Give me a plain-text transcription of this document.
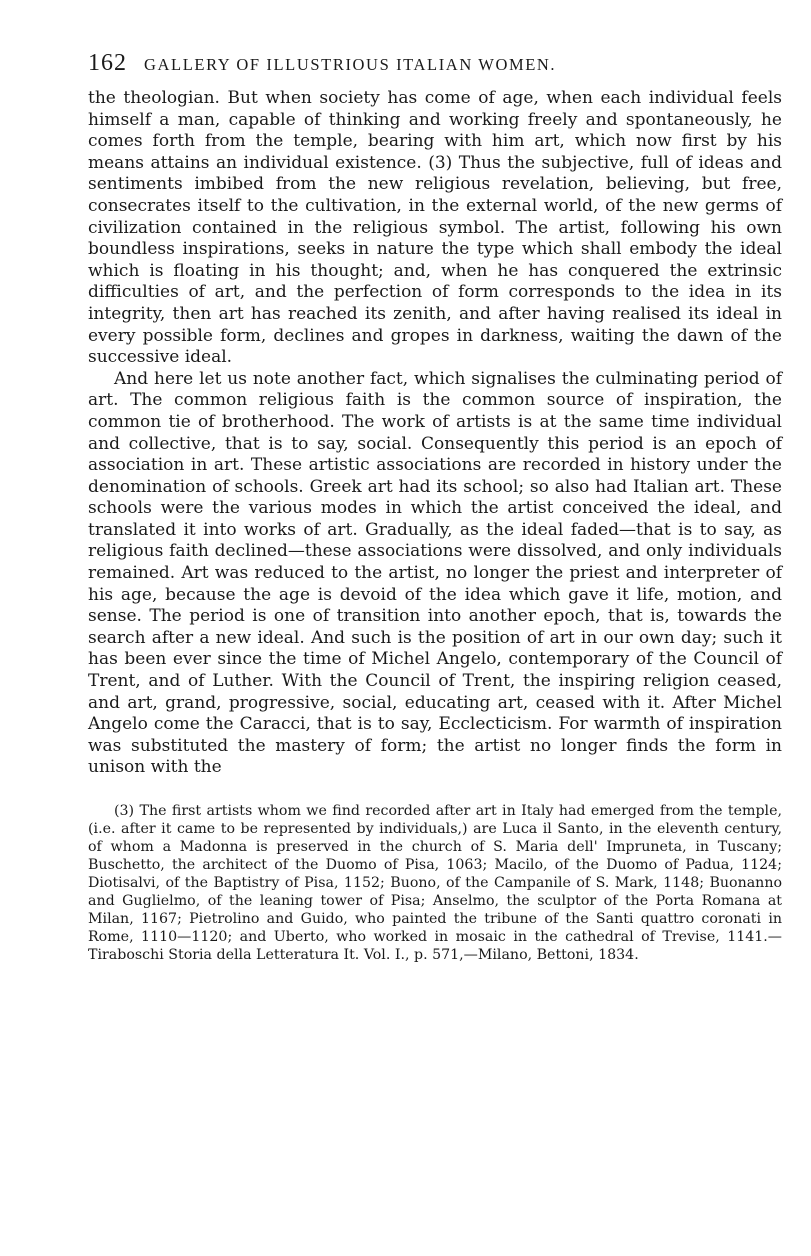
162	GALLERY OF ILLUSTRIOUS ITALIAN WOMEN.

the theologian. But when society has come of age, when each individual feels himself a man, capable of thinking and working freely and spontaneously, he comes forth from the temple, bearing with him art, which now first by his means attains an individual existence. (3) Thus the subjective, full of ideas and sentiments imbibed from the new religious revelation, believing, but free, consecrates itself to the cultivation, in the external world, of the new germs of civilization contained in the religious symbol. The artist, following his own boundless inspirations, seeks in nature the type which shall embody the ideal which is floating in his thought; and, when he has conquered the extrinsic difficulties of art, and the perfection of form corresponds to the idea in its integrity, then art has reached its zenith, and after having realised its ideal in every possible form, declines and gropes in darkness, waiting the dawn of the successive ideal.

And here let us note another fact, which signalises the culminating period of art. The common religious faith is the common source of inspiration, the common tie of brotherhood. The work of artists is at the same time individual and collective, that is to say, social. Consequently this period is an epoch of association in art. These artistic associations are recorded in history under the denomination of schools. Greek art had its school; so also had Italian art. These schools were the various modes in which the artist conceived the ideal, and translated it into works of art. Gradually, as the ideal faded—that is to say, as religious faith declined—these associations were dissolved, and only individuals remained. Art was reduced to the artist, no longer the priest and interpreter of his age, because the age is devoid of the idea which gave it life, motion, and sense. The period is one of transition into another epoch, that is, towards the search after a new ideal. And such is the position of art in our own day; such it has been ever since the time of Michel Angelo, contemporary of the Council of Trent, and of Luther. With the Council of Trent, the inspiring religion ceased, and art, grand, progressive, social, educating art, ceased with it. After Michel Angelo come the Caracci, that is to say, Ecclecticism. For warmth of inspiration was substituted the mastery of form; the artist no longer finds the form in unison with the

(3) The first artists whom we find recorded after art in Italy had emerged from the temple, (i.e. after it came to be represented by individuals,) are Luca il Santo, in the eleventh century, of whom a Madonna is preserved in the church of S. Maria dell' Impruneta, in Tuscany; Buschetto, the architect of the Duomo of Pisa, 1063; Macilo, of the Duomo of Padua, 1124; Diotisalvi, of the Baptistry of Pisa, 1152; Buono, of the Campanile of S. Mark, 1148; Buonanno and Guglielmo, of the leaning tower of Pisa; Anselmo, the sculptor of the Porta Romana at Milan, 1167; Pietrolino and Guido, who painted the tribune of the Santi quattro coronati in Rome, 1110—1120; and Uberto, who worked in mosaic in the cathedral of Trevise, 1141.—Tiraboschi Storia della Letteratura It. Vol. I., p. 571,—Milano, Bettoni, 1834.
